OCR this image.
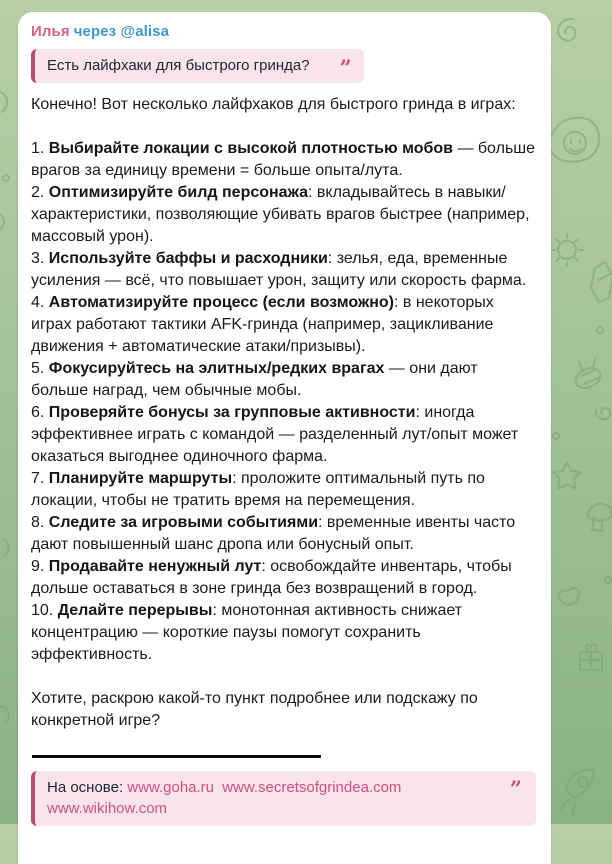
Илья через @alisa
Есть лайфхаки для быстрого гринда? ”
Конечно! Вот несколько лайфхаков для быстрого гринда в играх:
1. Выбирайте локации с высокой плотностью мобов — больше врагов за единицу времени = больше опыта/лута.
2. Оптимизируйте билд персонажа: вкладывайтесь в навыки/характеристики, позволяющие убивать врагов быстрее (например, массовый урон).
3. Используйте баффы и расходники: зелья, еда, временные усиления — всё, что повышает урон, защиту или скорость фарма.
4. Автоматизируйте процесс (если возможно): в некоторых играх работают тактики AFK-гринда (например, зацикливание движения + автоматические атаки/призывы).
5. Фокусируйтесь на элитных/редких врагах — они дают больше наград, чем обычные мобы.
6. Проверяйте бонусы за групповые активности: иногда эффективнее играть с командой — разделенный лут/опыт может оказаться выгоднее одиночного фарма.
7. Планируйте маршруты: проложите оптимальный путь по локации, чтобы не тратить время на перемещения.
8. Следите за игровыми событиями: временные ивенты часто дают повышенный шанс дропа или бонусный опыт.
9. Продавайте ненужный лут: освобождайте инвентарь, чтобы дольше оставаться в зоне гринда без возвращений в город.
10. Делайте перерывы: монотонная активность снижает концентрацию — короткие паузы помогут сохранить эффективность.
Хотите, раскрою какой-то пункт подробнее или подскажу по конкретной игре?
На основе: www.goha.ru www.secretsofgrindea.com www.wikihow.com
”
